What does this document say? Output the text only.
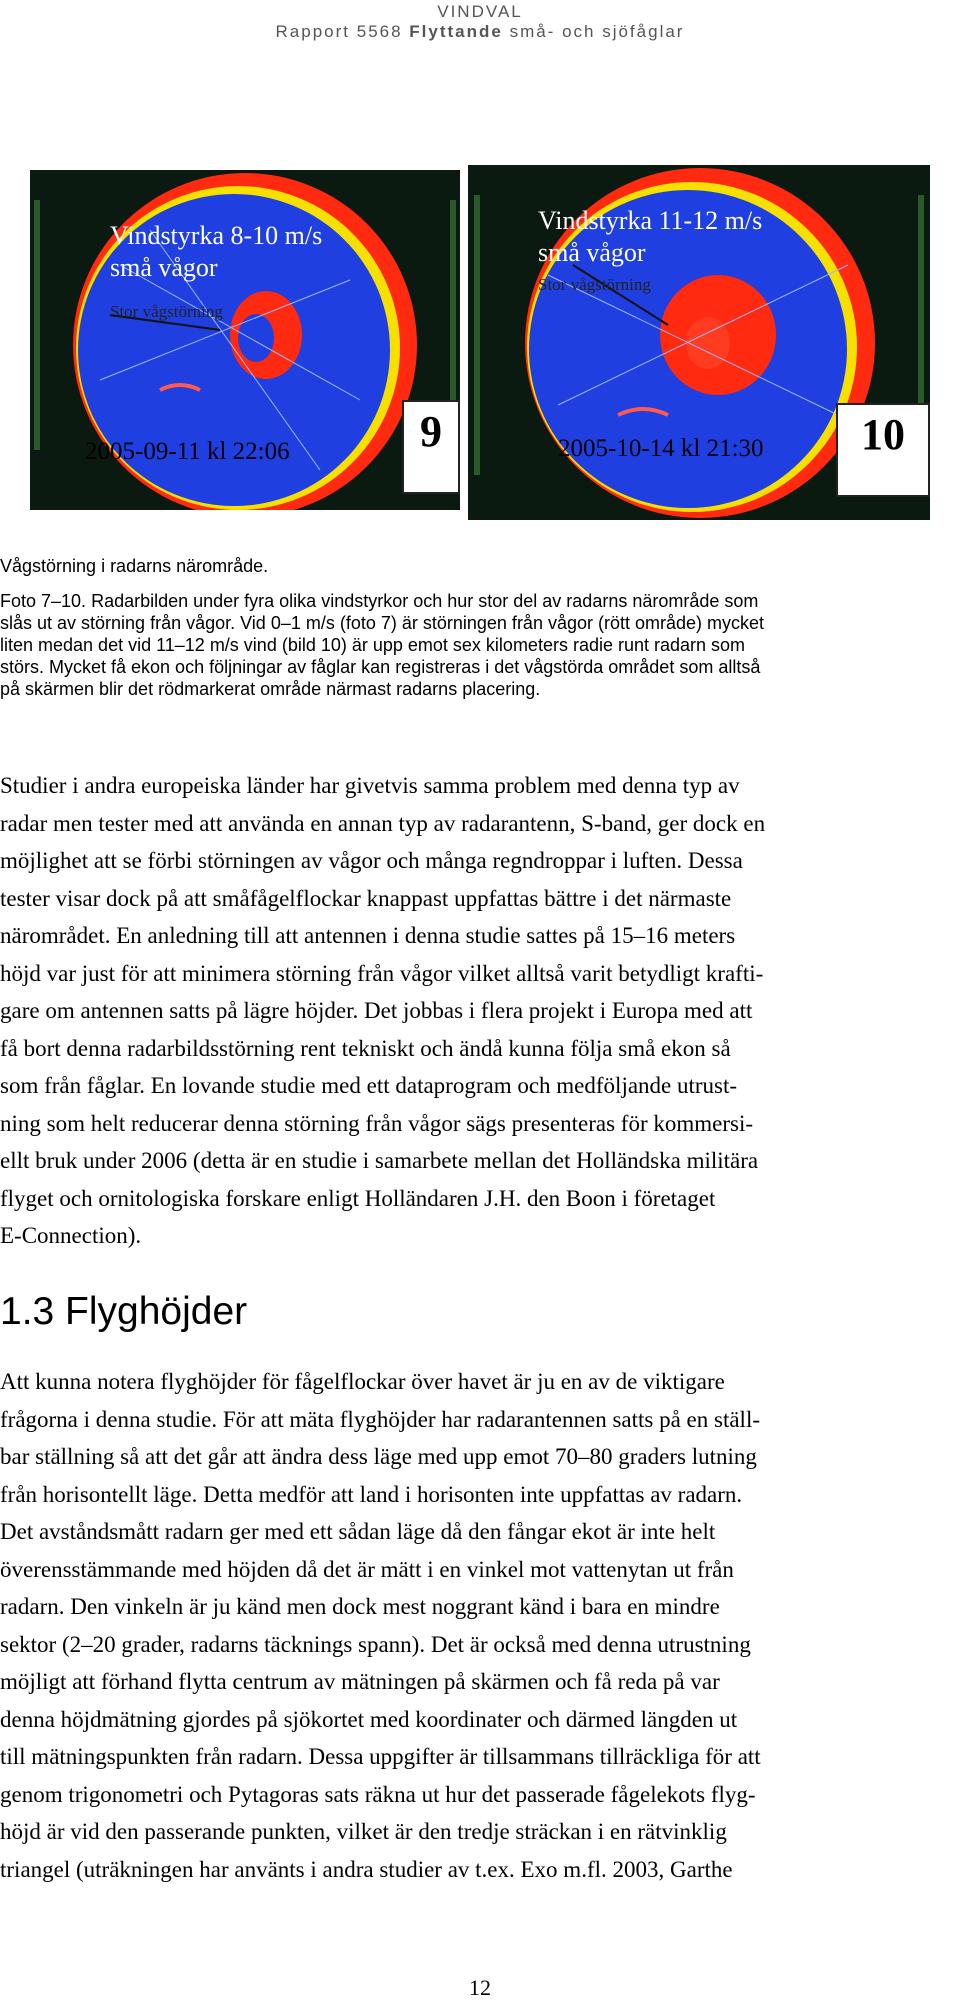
VINDVAL
Rapport 5568 Flyttande små- och sjöfåglar
Vindstyrka 8-10 m/s
små vågor
Stor vågstörning
2005-09-11 kl 22:06	9
Vindstyrka 11-12 m/s
små vågor
Stor vågstörning
2005-10-14 kl 21:30	10
Vågstörning i radarns närområde.
Foto 7–10. Radarbilden under fyra olika vindstyrkor och hur stor del av radarns närområde som
slås ut av störning från vågor. Vid 0–1 m/s (foto 7) är störningen från vågor (rött område) mycket
liten medan det vid 11–12 m/s vind (bild 10) är upp emot sex kilometers radie runt radarn som
störs. Mycket få ekon och följningar av fåglar kan registreras i det vågstörda området som alltså
på skärmen blir det rödmarkerat område närmast radarns placering.
Studier i andra europeiska länder har givetvis samma problem med denna typ av
radar men tester med att använda en annan typ av radarantenn, S-band, ger dock en
möjlighet att se förbi störningen av vågor och många regndroppar i luften. Dessa
tester visar dock på att småfågelflockar knappast uppfattas bättre i det närmaste
närområdet. En anledning till att antennen i denna studie sattes på 15–16 meters
höjd var just för att minimera störning från vågor vilket alltså varit betydligt krafti-
gare om antennen satts på lägre höjder. Det jobbas i flera projekt i Europa med att
få bort denna radarbildsstörning rent tekniskt och ändå kunna följa små ekon så
som från fåglar. En lovande studie med ett dataprogram och medföljande utrust-
ning som helt reducerar denna störning från vågor sägs presenteras för kommersi-
ellt bruk under 2006 (detta är en studie i samarbete mellan det Holländska militära
flyget och ornitologiska forskare enligt Holländaren J.H. den Boon i företaget
E-Connection).
1.3 Flyghöjder
Att kunna notera flyghöjder för fågelflockar över havet är ju en av de viktigare
frågorna i denna studie. För att mäta flyghöjder har radarantennen satts på en ställ-
bar ställning så att det går att ändra dess läge med upp emot 70–80 graders lutning
från horisontellt läge. Detta medför att land i horisonten inte uppfattas av radarn.
Det avståndsmått radarn ger med ett sådan läge då den fångar ekot är inte helt
överensstämmande med höjden då det är mätt i en vinkel mot vattenytan ut från
radarn. Den vinkeln är ju känd men dock mest noggrant känd i bara en mindre
sektor (2–20 grader, radarns täcknings spann). Det är också med denna utrustning
möjligt att förhand flytta centrum av mätningen på skärmen och få reda på var
denna höjdmätning gjordes på sjökortet med koordinater och därmed längden ut
till mätningspunkten från radarn. Dessa uppgifter är tillsammans tillräckliga för att
genom trigonometri och Pytagoras sats räkna ut hur det passerade fågelekots flyg-
höjd är vid den passerande punkten, vilket är den tredje sträckan i en rätvinklig
triangel (uträkningen har använts i andra studier av t.ex. Exo m.fl. 2003, Garthe
12
